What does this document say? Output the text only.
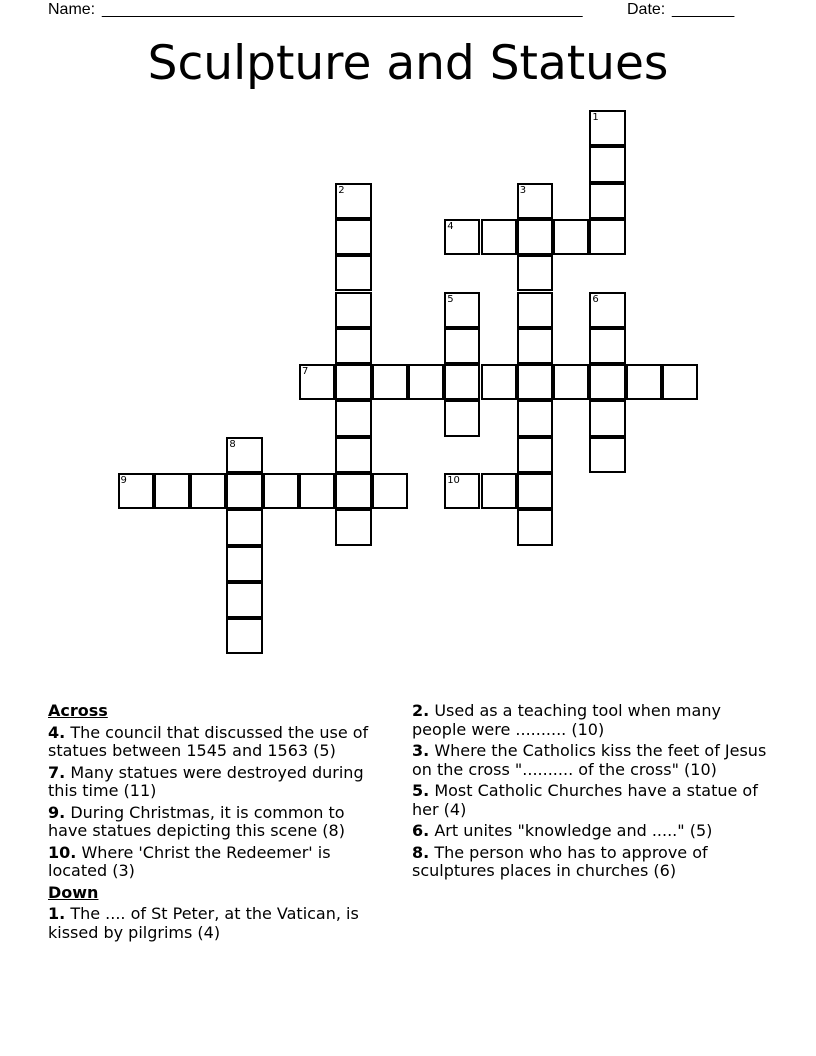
Name: ______________________________________________________	Date: _______
Sculpture and Statues
1
2	3
4
5	6
7
8
9	10
Across
4. The council that discussed the use of statues between 1545 and 1563 (5)
7. Many statues were destroyed during this time (11)
9. During Christmas, it is common to have statues depicting this scene (8)
10. Where 'Christ the Redeemer' is located (3)
Down
1. The .... of St Peter, at the Vatican, is kissed by pilgrims (4)
2. Used as a teaching tool when many people were .......... (10)
3. Where the Catholics kiss the feet of Jesus on the cross ".......... of the cross" (10)
5. Most Catholic Churches have a statue of her (4)
6. Art unites "knowledge and ....." (5)
8. The person who has to approve of sculptures places in churches (6)
